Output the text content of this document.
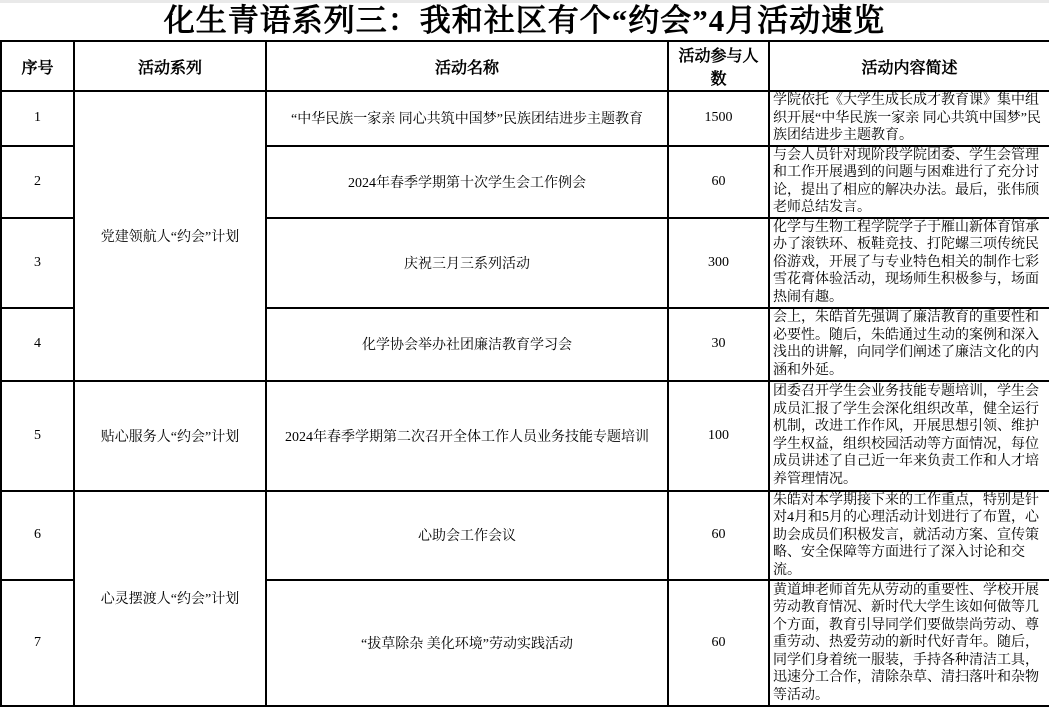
化生青语系列三：我和社区有个“约会”4月活动速览
序号	活动系列	活动名称	活动参与人数	活动内容简述
1	党建领航人“约会”计划	“中华民族一家亲 同心共筑中国梦”民族团结进步主题教育	1500	学院依托《大学生成长成才教育课》集中组织开展“中华民族一家亲 同心共筑中国梦”民族团结进步主题教育。
2		2024年春季学期第十次学生会工作例会	60	与会人员针对现阶段学院团委、学生会管理和工作开展遇到的问题与困难进行了充分讨论，提出了相应的解决办法。最后，张伟颀老师总结发言。
3		庆祝三月三系列活动	300	化学与生物工程学院学子于雁山新体育馆承办了滚铁环、板鞋竞技、打陀螺三项传统民俗游戏，开展了与专业特色相关的制作七彩雪花膏体验活动，现场师生积极参与，场面热闹有趣。
4		化学协会举办社团廉洁教育学习会	30	会上，朱皓首先强调了廉洁教育的重要性和必要性。随后，朱皓通过生动的案例和深入浅出的讲解，向同学们阐述了廉洁文化的内涵和外延。
5	贴心服务人“约会”计划	2024年春季学期第二次召开全体工作人员业务技能专题培训	100	团委召开学生会业务技能专题培训，学生会成员汇报了学生会深化组织改革，健全运行机制，改进工作作风，开展思想引领、维护学生权益，组织校园活动等方面情况，每位成员讲述了自己近一年来负责工作和人才培养管理情况。
6	心灵摆渡人“约会”计划	心助会工作会议	60	朱皓对本学期接下来的工作重点，特别是针对4月和5月的心理活动计划进行了布置，心助会成员们积极发言，就活动方案、宣传策略、安全保障等方面进行了深入讨论和交流。
7		“拔草除杂 美化环境”劳动实践活动	60	黄道坤老师首先从劳动的重要性、学校开展劳动教育情况、新时代大学生该如何做等几个方面，教育引导同学们要做崇尚劳动、尊重劳动、热爱劳动的新时代好青年。随后，同学们身着统一服装，手持各种清洁工具，迅速分工合作，清除杂草、清扫落叶和杂物等活动。
